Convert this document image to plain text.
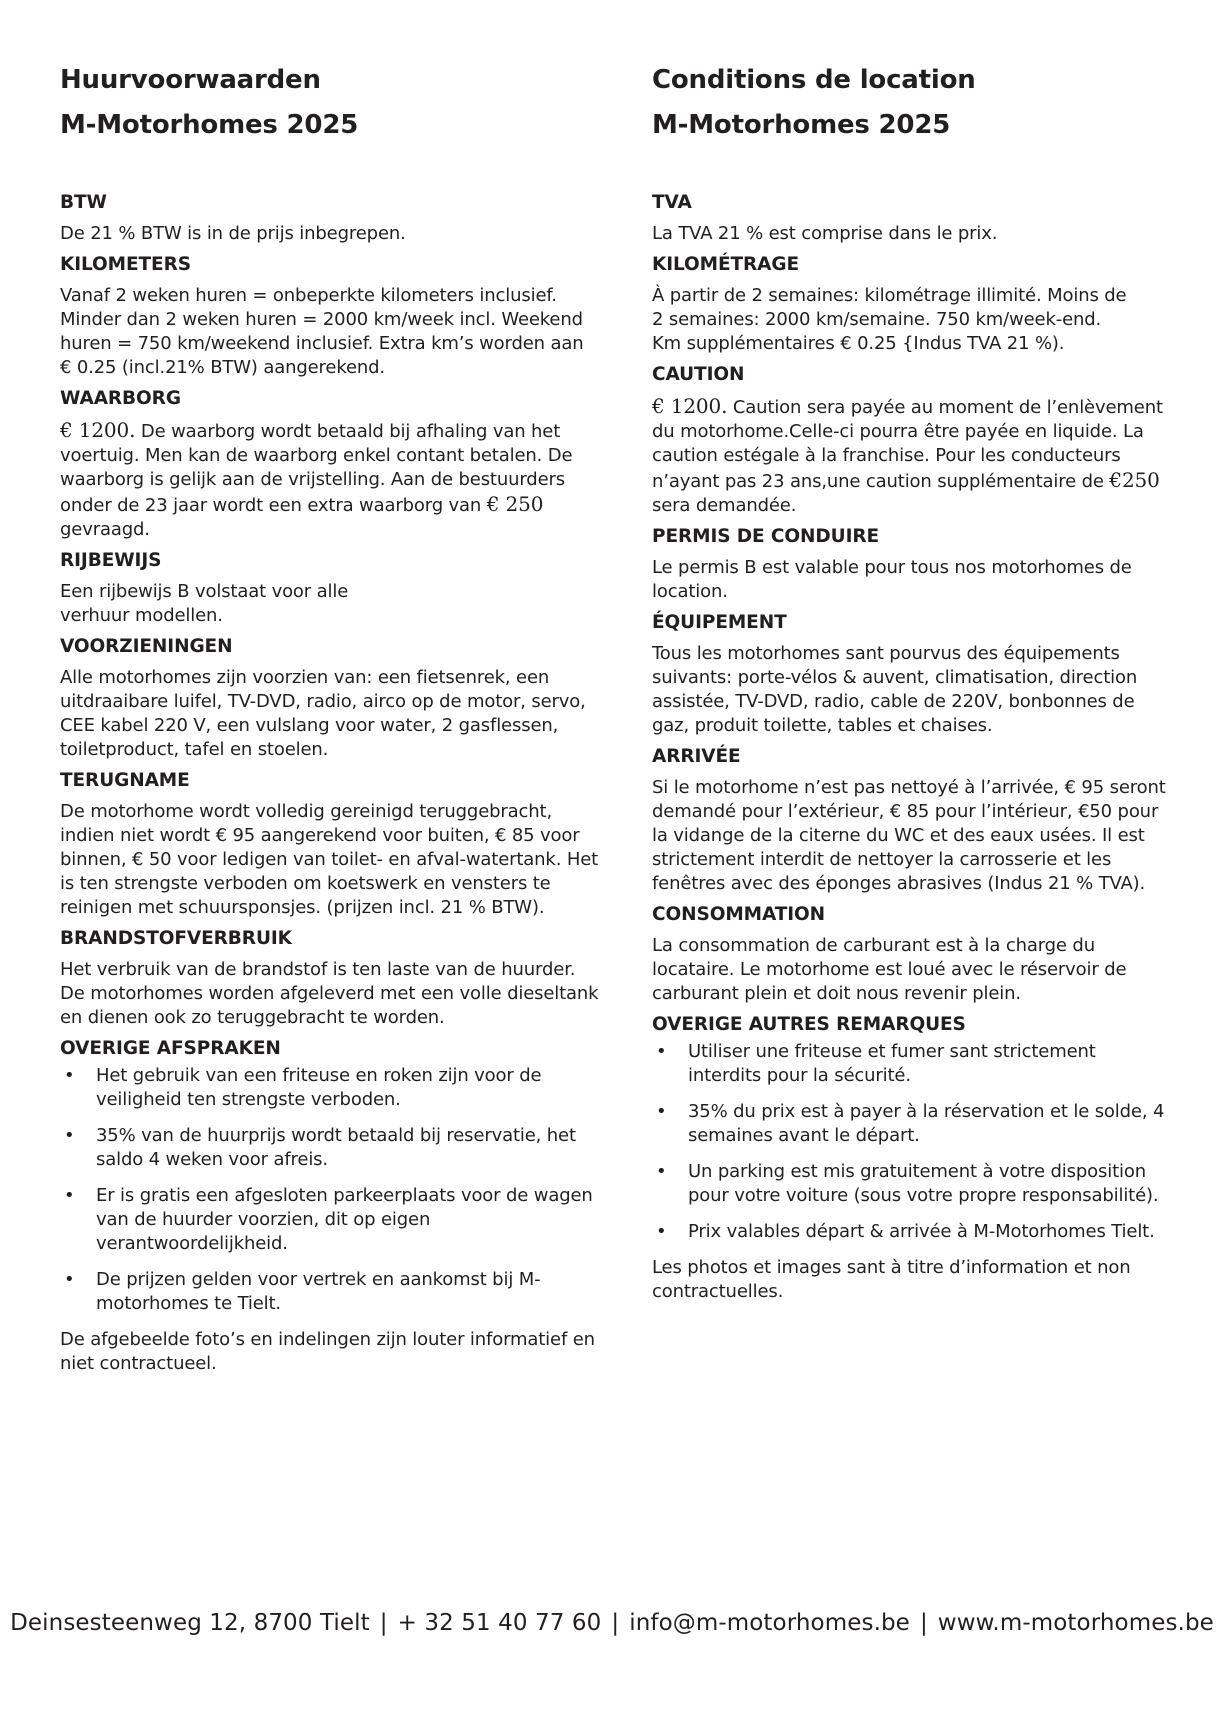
Huurvoorwaarden
M-Motorhomes 2025
BTW

De 21 % BTW is in de prijs inbegrepen.

KILOMETERS

Vanaf 2 weken huren = onbeperkte kilometers inclusief. Minder dan 2 weken huren = 2000 km/week incl. Weekend huren = 750 km/weekend inclusief. Extra km’s worden aan € 0.25 (incl.21% BTW) aangerekend.

WAARBORG

€ 1200. De waarborg wordt betaald bij afhaling van het voertuig. Men kan de waarborg enkel contant betalen. De waarborg is gelijk aan de vrijstelling. Aan de bestuurders onder de 23 jaar wordt een extra waarborg van € 250 gevraagd.

RIJBEWIJS

Een rijbewijs B volstaat voor alle verhuur modellen.

VOORZIENINGEN

Alle motorhomes zijn voorzien van: een fietsenrek, een uitdraaibare luifel, TV-DVD, radio, airco op de motor, servo, CEE kabel 220 V, een vulslang voor water, 2 gasflessen, toiletproduct, tafel en stoelen.

TERUGNAME

De motorhome wordt volledig gereinigd teruggebracht, indien niet wordt € 95 aangerekend voor buiten, € 85 voor binnen, € 50 voor ledigen van toilet- en afval-watertank. Het is ten strengste verboden om koetswerk en vensters te reinigen met schuursponsjes. (prijzen incl. 21 % BTW).

BRANDSTOFVERBRUIK

Het verbruik van de brandstof is ten laste van de huurder. De motorhomes worden afgeleverd met een volle dieseltank en dienen ook zo teruggebracht te worden.

OVERIGE AFSPRAKEN
• Het gebruik van een friteuse en roken zijn voor de veiligheid ten strengste verboden.
• 35% van de huurprijs wordt betaald bij reservatie, het saldo 4 weken voor afreis.
• Er is gratis een afgesloten parkeerplaats voor de wagen van de huurder voorzien, dit op eigen verantwoordelijkheid.
• De prijzen gelden voor vertrek en aankomst bij M-motorhomes te Tielt.

De afgebeelde foto’s en indelingen zijn louter informatief en niet contractueel.

Conditions de location
M-Motorhomes 2025
TVA

La TVA 21 % est comprise dans le prix.

KILOMÉTRAGE

À partir de 2 semaines: kilométrage illimité. Moins de 2 semaines: 2000 km/semaine. 750 km/week-end. Km supplémentaires € 0.25 {Indus TVA 21 %).

CAUTION

€ 1200. Caution sera payée au moment de l’enlèvement du motorhome.Celle-ci pourra être payée en liquide. La caution estégale à la franchise. Pour les conducteurs n’ayant pas 23 ans,une caution supplémentaire de €250 sera demandée.

PERMIS DE CONDUIRE

Le permis B est valable pour tous nos motorhomes de location.

ÉQUIPEMENT

Tous les motorhomes sant pourvus des équipements suivants: porte-vélos & auvent, climatisation, direction assistée, TV-DVD, radio, cable de 220V, bonbonnes de gaz, produit toilette, tables et chaises.

ARRIVÉE

Si le motorhome n’est pas nettoyé à l’arrivée, € 95 seront demandé pour l’extérieur, € 85 pour l’intérieur, €50 pour la vidange de la citerne du WC et des eaux usées. Il est strictement interdit de nettoyer la carrosserie et les fenêtres avec des éponges abrasives (Indus 21 % TVA).

CONSOMMATION

La consommation de carburant est à la charge du locataire. Le motorhome est loué avec le réservoir de carburant plein et doit nous revenir plein.

OVERIGE AUTRES REMARQUES
• Utiliser une friteuse et fumer sant strictement interdits pour la sécurité.
• 35% du prix est à payer à la réservation et le solde, 4 semaines avant le départ.
• Un parking est mis gratuitement à votre disposition pour votre voiture (sous votre propre responsabilité).
• Prix valables départ & arrivée à M-Motorhomes Tielt.

Les photos et images sant à titre d’information et non contractuelles.

Deinsesteenweg 12, 8700 Tielt | + 32 51 40 77 60 | info@m-motorhomes.be | www.m-motorhomes.be
